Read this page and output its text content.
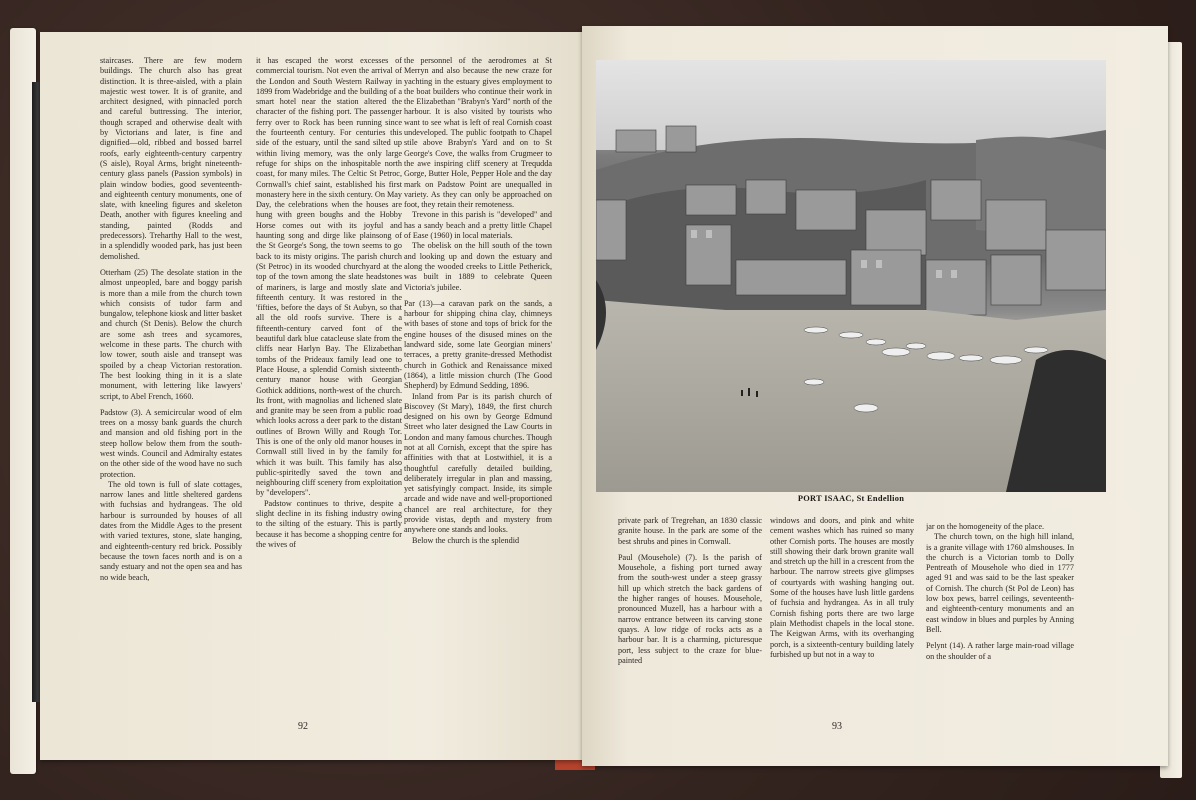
staircases. There are few modern buildings. The church also has great distinction. It is three-aisled, with a plain majestic west tower. It is of granite, and architect designed, with pinnacled porch and careful buttressing. The interior, though scraped and otherwise dealt with by Victorians and later, is fine and dignified—old, ribbed and bossed barrel roofs, early eighteenth-century carpentry (S aisle), Royal Arms, bright nineteenth-century glass panels (Passion symbols) in plain window bodies, good seventeenth- and eighteenth century monuments, one of slate, with kneeling figures and skeleton Death, another with figures kneeling and standing, painted (Rodds and predecessors). Treharthy Hall to the west, in a splendidly wooded park, has just been demolished.

Otterham (25) The desolate station in the almost unpeopled, bare and boggy parish is more than a mile from the church town which consists of tudor farm and bungalow, telephone kiosk and litter basket and church (St Denis). Below the church are some ash trees and sycamores, welcome in these parts. The church with low tower, south aisle and transept was spoiled by a cheap Victorian restoration. The best looking thing in it is a slate monument, with lettering like lawyers' script, to Abel French, 1660.

Padstow (3). A semicircular wood of elm trees on a mossy bank guards the church and mansion and old fishing port in the steep hollow below them from the south-west winds. Council and Admiralty estates on the other side of the wood have no such protection.

The old town is full of slate cottages, narrow lanes and little sheltered gardens with fuchsias and hydrangeas. The old harbour is surrounded by houses of all dates from the Middle Ages to the present with varied textures, stone, slate hanging, and eighteenth-century red brick. Possibly because the town faces north and is on a sandy estuary and not the open sea and has no wide beach,

it has escaped the worst excesses of commercial tourism. Not even the arrival of the London and South Western Railway in 1899 from Wadebridge and the building of a smart hotel near the station altered the character of the fishing port. The passenger ferry over to Rock has been running since the fourteenth century. For centuries this side of the estuary, until the sand silted up within living memory, was the only large refuge for ships on the inhospitable north coast, for many miles. The Celtic St Petroc, Cornwall's chief saint, established his first monastery here in the sixth century. On May Day, the celebrations when the houses are hung with green boughs and the Hobby Horse comes out with its joyful and haunting song and dirge like plainsong of the St George's Song, the town seems to go back to its misty origins. The parish church (St Petroc) in its wooded churchyard at the top of the town among the slate headstones of mariners, is large and mostly slate and fifteenth century. It was restored in the 'fifties, before the days of St Aubyn, so that all the old roofs survive. There is a fifteenth-century carved font of the beautiful dark blue catacleuse slate from the cliffs near Harlyn Bay. The Elizabethan tombs of the Prideaux family lead one to Place House, a splendid Cornish sixteenth-century manor house with Georgian Gothick additions, north-west of the church. Its front, with magnolias and lichened slate and granite may be seen from a public road which looks across a deer park to the distant outlines of Brown Willy and Rough Tor. This is one of the only old manor houses in Cornwall still lived in by the family for which it was built. This family has also public-spiritedly saved the town and neighbouring cliff scenery from exploitation by "developers".

Padstow continues to thrive, despite a slight decline in its fishing industry owing to the silting of the estuary. This is partly because it has become a shopping centre for the wives of

the personnel of the aerodromes at St Merryn and also because the new craze for yachting in the estuary gives employment to the boat builders who continue their work in the Elizabethan "Brabyn's Yard" north of the harbour. It is also visited by tourists who want to see what is left of real Cornish coast undeveloped. The public footpath to Chapel stile above Brabyn's Yard and on to St George's Cove, the walks from Crugmeer to the awe inspiring cliff scenery at Trequdda Gorge, Butter Hole, Pepper Hole and the day mark on Padstow Point are unequalled in variety. As they can only be approached on foot, they retain their remoteness.

Trevone in this parish is "developed" and has a sandy beach and a pretty little Chapel of Ease (1960) in local materials.

The obelisk on the hill south of the town and looking up and down the estuary and along the wooded creeks to Little Petherick, was built in 1889 to celebrate Queen Victoria's jubilee.

Par (13)—a caravan park on the sands, a harbour for shipping china clay, chimneys with bases of stone and tops of brick for the engine houses of the disused mines on the landward side, some late Georgian miners' terraces, a pretty granite-dressed Methodist church in Gothick and Renaissance mixed (1864), a little mission church (The Good Shepherd) by Edmund Sedding, 1896.

Inland from Par is its parish church of Biscovey (St Mary), 1849, the first church designed on his own by George Edmund Street who later designed the Law Courts in London and many famous churches. Though not at all Cornish, except that the spire has affinities with that at Lostwithiel, it is a thoughtful carefully detailed building, deliberately irregular in plan and massing, yet satisfyingly compact. Inside, its simple arcade and wide nave and well-proportioned chancel are real architecture, for they provide vistas, depth and mystery from anywhere one stands and looks.

Below the church is the splendid

92
PORT ISAAC, St Endellion

private park of Tregrehan, an 1830 classic granite house. In the park are some of the best shrubs and pines in Cornwall.

Paul (Mousehole) (7). Is the parish of Mousehole, a fishing port turned away from the south-west under a steep grassy hill up which stretch the back gardens of the higher ranges of houses. Mousehole, pronounced Muzell, has a harbour with a narrow entrance between its carving stone quays. A low ridge of rocks acts as a harbour bar. It is a charming, picturesque port, less subject to the craze for blue-painted

windows and doors, and pink and white cement washes which has ruined so many other Cornish ports. The houses are mostly still showing their dark brown granite wall and stretch up the hill in a crescent from the harbour. The narrow streets give glimpses of courtyards with washing hanging out. Some of the houses have lush little gardens of fuchsia and hydrangea. As in all truly Cornish fishing ports there are two large plain Methodist chapels in the local stone. The Keigwan Arms, with its overhanging porch, is a sixteenth-century building lately furbished up but not in a way to

jar on the homogeneity of the place.

The church town, on the high hill inland, is a granite village with 1760 almshouses. In the church is a Victorian tomb to Dolly Pentreath of Mousehole who died in 1777 aged 91 and was said to be the last speaker of Cornish. The church (St Pol de Leon) has low box pews, barrel ceilings, seventeenth- and eighteenth-century monuments and an east window in blues and purples by Anning Bell.

Pelynt (14). A rather large main-road village on the shoulder of a

93
